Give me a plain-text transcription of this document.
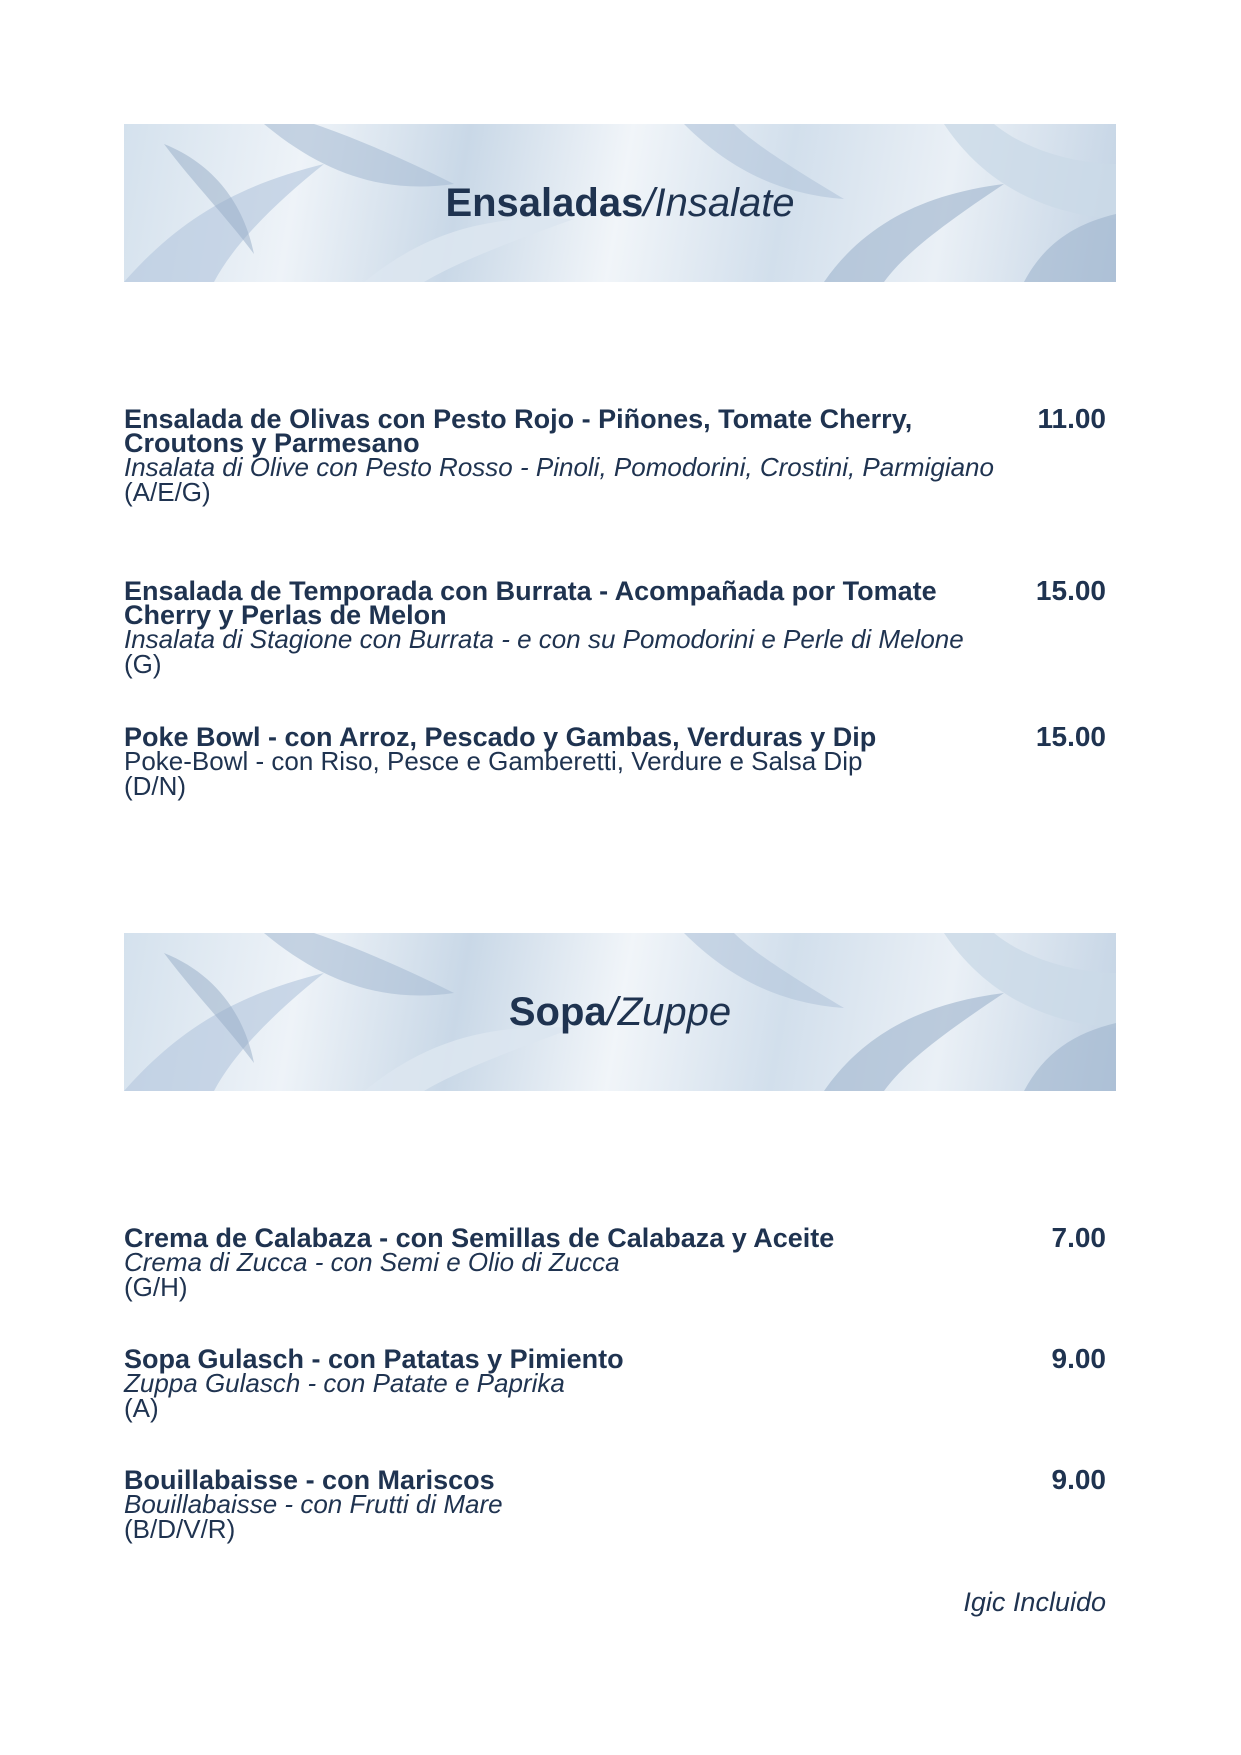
Ensaladas / Insalate
Ensalada de Olivas con Pesto Rojo - Piñones, Tomate Cherry, Croutons y Parmesano
Insalata di Olive con Pesto Rosso - Pinoli, Pomodorini, Crostini, Parmigiano
(A/E/G)
11.00
Ensalada de Temporada con Burrata - Acompañada por Tomate Cherry y Perlas de Melon
Insalata di Stagione con Burrata - e con su Pomodorini e Perle di Melone
(G)
15.00
Poke Bowl - con Arroz, Pescado y Gambas, Verduras y Dip
Poke-Bowl - con Riso, Pesce e Gamberetti, Verdure e Salsa Dip
(D/N)
15.00
Sopa / Zuppe
Crema de Calabaza - con Semillas de Calabaza y Aceite
Crema di Zucca - con Semi e Olio di Zucca
(G/H)
7.00
Sopa Gulasch - con Patatas y Pimiento
Zuppa Gulasch - con Patate e Paprika
(A)
9.00
Bouillabaisse - con Mariscos
Bouillabaisse - con Frutti di Mare
(B/D/V/R)
9.00
Igic Incluido
